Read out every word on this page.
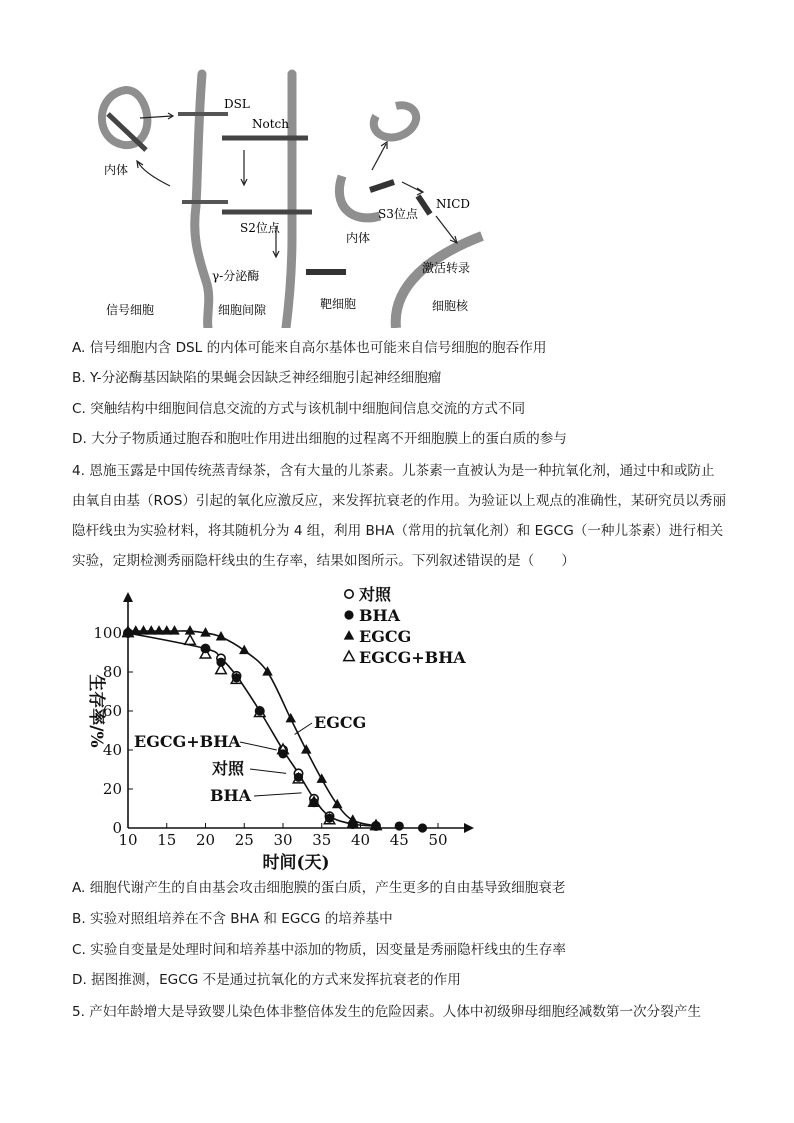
DSL
Notch
内体
S2位点
γ-分泌酶
内体
S3位点
NICD
激活转录
信号细胞	细胞间隙	靶细胞	细胞核
A. 信号细胞内含 DSL 的内体可能来自高尔基体也可能来自信号细胞的胞吞作用
B. Y-分泌酶基因缺陷的果蝇会因缺乏神经细胞引起神经细胞瘤
C. 突触结构中细胞间信息交流的方式与该机制中细胞间信息交流的方式不同
D. 大分子物质通过胞吞和胞吐作用进出细胞的过程离不开细胞膜上的蛋白质的参与
4. 恩施玉露是中国传统蒸青绿茶，含有大量的儿茶素。儿茶素一直被认为是一种抗氧化剂，通过中和或防止由氧自由基（ROS）引起的氧化应激反应，来发挥抗衰老的作用。为验证以上观点的准确性，某研究员以秀丽隐杆线虫为实验材料，将其随机分为 4 组，利用 BHA（常用的抗氧化剂）和 EGCG（一种儿茶素）进行相关实验，定期检测秀丽隐杆线虫的生存率，结果如图所示。下列叙述错误的是（　　）
10 15 20 25 30 35 40 45 50
0
20
40
60
80
100
时间(天)
生存率/%
对照
BHA
EGCG
EGCG+BHA
EGCG
EGCG+BHA
对照
BHA
A. 细胞代谢产生的自由基会攻击细胞膜的蛋白质，产生更多的自由基导致细胞衰老
B. 实验对照组培养在不含 BHA 和 EGCG 的培养基中
C. 实验自变量是处理时间和培养基中添加的物质，因变量是秀丽隐杆线虫的生存率
D. 据图推测，EGCG 不是通过抗氧化的方式来发挥抗衰老的作用
5. 产妇年龄增大是导致婴儿染色体非整倍体发生的危险因素。人体中初级卵母细胞经减数第一次分裂产生
